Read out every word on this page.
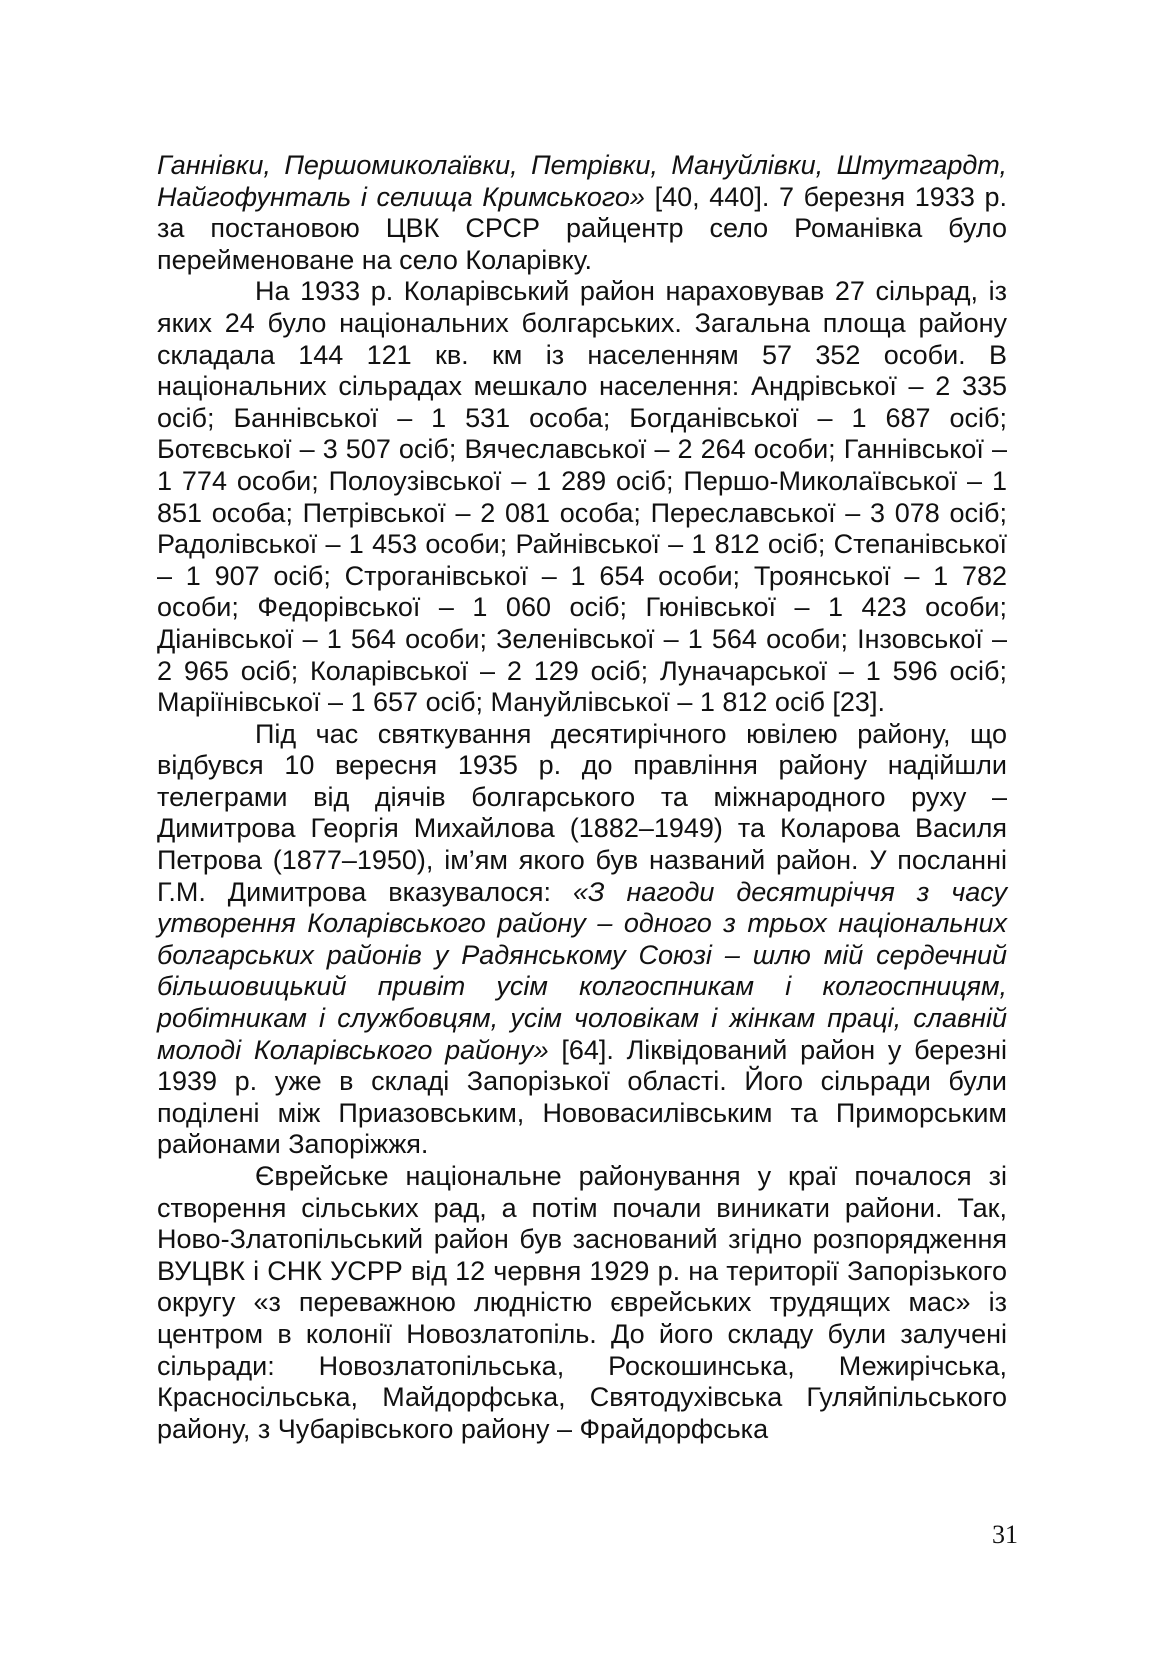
Ганнівки, Першомиколаївки, Петрівки, Мануйлівки, Штутгардт, Найгофунталь і селища Кримського» [40, 440]. 7 березня 1933 р. за постановою ЦВК СРСР райцентр село Романівка було перейменоване на село Коларівку.

На 1933 р. Коларівський район нараховував 27 сільрад, із яких 24 було національних болгарських. Загальна площа району складала 144 121 кв. км із населенням 57 352 особи. В національних сільрадах мешкало населення: Андрівської – 2 335 осіб; Баннівської – 1 531 особа; Богданівської – 1 687 осіб; Ботєвської – 3 507 осіб; Вячеславської – 2 264 особи; Ганнівської – 1 774 особи; Полоузівської – 1 289 осіб; Першо-Миколаївської – 1 851 особа; Петрівської – 2 081 особа; Переславської – 3 078 осіб; Радолівської – 1 453 особи; Райнівської – 1 812 осіб; Степанівської – 1 907 осіб; Строганівської – 1 654 особи; Троянської – 1 782 особи; Федорівської – 1 060 осіб; Гюнівської – 1 423 особи; Діанівської – 1 564 особи; Зеленівської – 1 564 особи; Інзовської – 2 965 осіб; Коларівської – 2 129 осіб; Луначарської – 1 596 осіб; Маріїнівської – 1 657 осіб; Мануйлівської – 1 812 осіб [23].

Під час святкування десятирічного ювілею району, що відбувся 10 вересня 1935 р. до правління району надійшли телеграми від діячів болгарського та міжнародного руху – Димитрова Георгія Михайлова (1882–1949) та Коларова Василя Петрова (1877–1950), ім’ям якого був названий район. У посланні Г.М. Димитрова вказувалося: «З нагоди десятиріччя з часу утворення Коларівського району – одного з трьох національних болгарських районів у Радянському Союзі – шлю мій сердечний більшовицький привіт усім колгоспникам і колгоспницям, робітникам і службовцям, усім чоловікам і жінкам праці, славній молоді Коларівського району» [64]. Ліквідований район у березні 1939 р. уже в складі Запорізької області. Його сільради були поділені між Приазовським, Нововасилівським та Приморським районами Запоріжжя.

Єврейське національне районування у краї почалося зі створення сільських рад, а потім почали виникати райони. Так, Ново-Златопільський район був заснований згідно розпорядження ВУЦВК і СНК УСРР від 12 червня 1929 р. на території Запорізького округу «з переважною людністю єврейських трудящих мас» із центром в колонії Новозлатопіль. До його складу були залучені сільради: Новозлатопільська, Роскошинська, Межирічська, Красносільська, Майдорфська, Святодухівська Гуляйпільського району, з Чубарівського району – Фрайдорфська

31
